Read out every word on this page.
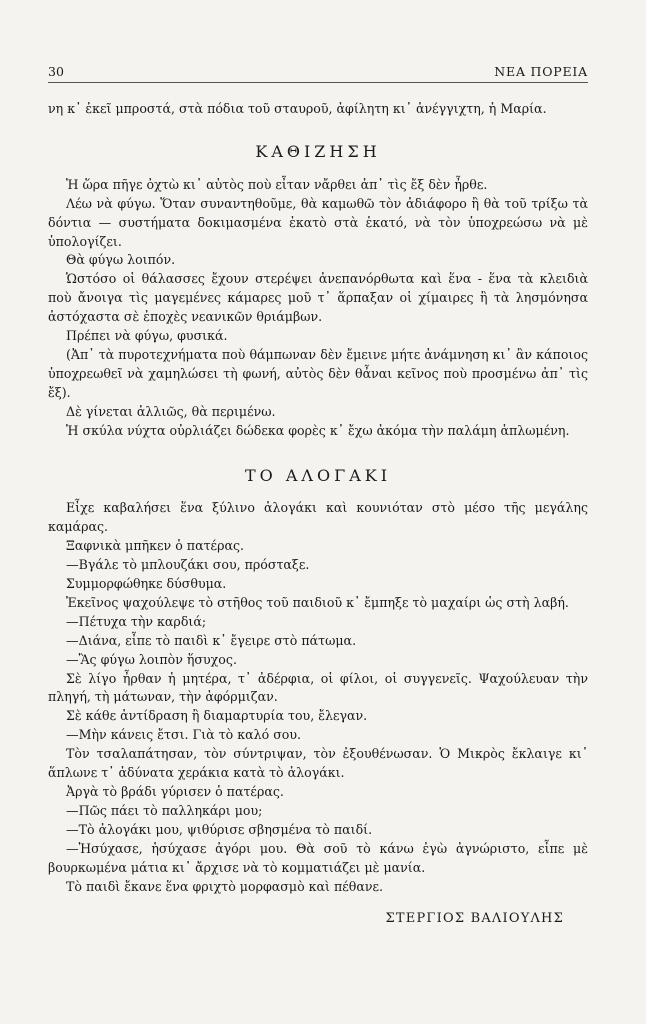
30	ΝΕΑ ΠΟΡΕΙΑ

νη κ᾽ ἐκεῖ μπροστά, στὰ πόδια τοῦ σταυροῦ, ἀφίλητη κι᾽ ἀνέγγιχτη, ἡ Μαρία.

ΚΑΘΙΖΗΣΗ

Ἡ ὥρα πῆγε ὀχτὼ κι᾽ αὐτὸς ποὺ εἶταν νἄρθει ἀπ᾽ τὶς ἔξ δὲν ἦρθε.

Λέω νὰ φύγω. Ὅταν συναντηθοῦμε, θὰ καμωθῶ τὸν ἀδιάφορο ἢ θὰ τοῦ τρίξω τὰ δόντια — συστήματα δοκιμασμένα ἑκατὸ στὰ ἑκατό, νὰ τὸν ὑποχρεώσω νὰ μὲ ὑπολογίζει.

Θὰ φύγω λοιπόν.

Ὡστόσο οἱ θάλασσες ἔχουν στερέψει ἀνεπανόρθωτα καὶ ἕνα - ἕνα τὰ κλειδιὰ ποὺ ἄνοιγα τὶς μαγεμένες κάμαρες μοῦ τ᾽ ἅρπαξαν οἱ χίμαιρες ἢ τὰ λησμόνησα ἀστόχαστα σὲ ἐποχὲς νεανικῶν θριάμβων.

Πρέπει νὰ φύγω, φυσικά.

(Ἀπ᾽ τὰ πυροτεχνήματα ποὺ θάμπωναν δὲν ἔμεινε μήτε ἀνάμνηση κι᾽ ἂν κάποιος ὑποχρεωθεῖ νὰ χαμηλώσει τὴ φωνή, αὐτὸς δὲν θἆναι κεῖνος ποὺ προσμένω ἀπ᾽ τὶς ἔξ).

Δὲ γίνεται ἀλλιῶς, θὰ περιμένω.

Ἡ σκύλα νύχτα οὐρλιάζει δώδεκα φορὲς κ᾽ ἔχω ἀκόμα τὴν παλάμη ἁπλωμένη.

ΤΟ ΑΛΟΓΑΚΙ

Εἶχε καβαλήσει ἕνα ξύλινο ἀλογάκι καὶ κουνιόταν στὸ μέσο τῆς μεγάλης καμάρας.

Ξαφνικὰ μπῆκεν ὁ πατέρας.

—Βγάλε τὸ μπλουζάκι σου, πρόσταξε.

Συμμορφώθηκε δύσθυμα.

Ἐκεῖνος ψαχούλεψε τὸ στῆθος τοῦ παιδιοῦ κ᾽ ἔμπηξε τὸ μαχαίρι ὡς στὴ λαβή.

—Πέτυχα τὴν καρδιά;

—Διάνα, εἶπε τὸ παιδὶ κ᾽ ἔγειρε στὸ πάτωμα.

—Ἂς φύγω λοιπὸν ἥσυχος.

Σὲ λίγο ἦρθαν ἡ μητέρα, τ᾽ ἀδέρφια, οἱ φίλοι, οἱ συγγενεῖς. Ψαχούλευαν τὴν πληγή, τὴ μάτωναν, τὴν ἀφόρμιζαν.

Σὲ κάθε ἀντίδραση ἢ διαμαρτυρία του, ἔλεγαν.

—Μὴν κάνεις ἔτσι. Γιὰ τὸ καλό σου.

Τὸν τσαλαπάτησαν, τὸν σύντριψαν, τὸν ἐξουθένωσαν. Ὁ Μικρὸς ἔκλαιγε κι᾽ ἅπλωνε τ᾽ ἀδύνατα χεράκια κατὰ τὸ ἀλογάκι.

Ἀργὰ τὸ βράδι γύρισεν ὁ πατέρας.

—Πῶς πάει τὸ παλληκάρι μου;

—Τὸ ἀλογάκι μου, ψιθύρισε σβησμένα τὸ παιδί.

—Ἡσύχασε, ἡσύχασε ἀγόρι μου. Θὰ σοῦ τὸ κάνω ἐγὼ ἀγνώριστο, εἶπε μὲ βουρκωμένα μάτια κι᾽ ἄρχισε νὰ τὸ κομματιάζει μὲ μανία.

Τὸ παιδὶ ἔκανε ἕνα φριχτὸ μορφασμὸ καὶ πέθανε.

ΣΤΕΡΓΙΟΣ ΒΑΛΙΟΥΛΗΣ
